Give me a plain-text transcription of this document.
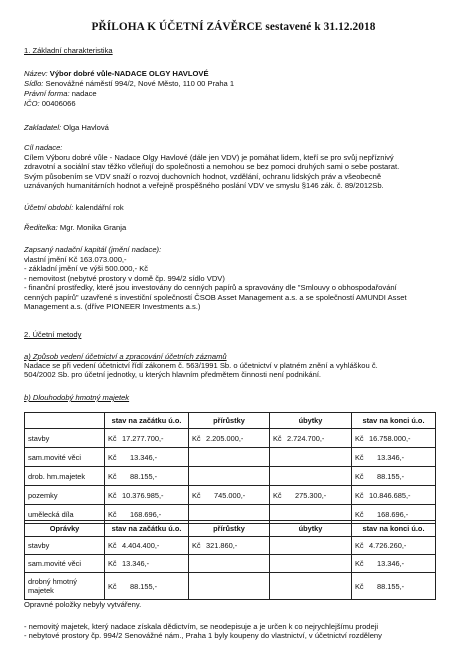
PŘÍLOHA K ÚČETNÍ ZÁVĚRCE sestavené k 31.12.2018
1. Základní charakteristika
Název: Výbor dobré vůle-NADACE OLGY HAVLOVÉ
Sídlo: Senovážné náměstí 994/2, Nové Město, 110 00 Praha 1
Právní forma: nadace
IČO: 00406066
Zakladatel: Olga Havlová
Cíl nadace:
Cílem Výboru dobré vůle - Nadace Olgy Havlové (dále jen VDV) je pomáhat lidem, kteří se pro svůj nepříznivý
zdravotní a sociální stav těžko včleňují do společnosti a nemohou se bez pomoci druhých sami o sebe postarat.
Svým působením se VDV snaží o rozvoj duchovních hodnot, vzdělání, ochranu lidských práv a všeobecně
uznávaných humanitárních hodnot a veřejně prospěšného poslání VDV ve smyslu §146 zák. č. 89/2012Sb.
Účetní období: kalendářní rok
Ředitelka: Mgr. Monika Granja
Zapsaný nadační kapitál (jmění nadace):
vlastní jmění Kč 163.073.000,-
- základní jmění ve výši 500.000,- Kč
- nemovitost (nebytvé prostory v domě čp. 994/2 sídlo VDV)
- finanční prostředky, které jsou investovány do cenných papírů a spravovány dle "Smlouvy o obhospodařování
cenných papírů" uzavřené s investiční společností ČSOB Asset Management a.s. a se společností AMUNDI Asset
Management a.s. (dříve PIONEER Investments a.s.)
2. Účetní metody
a) Způsob vedení účetnictví a zpracování účetních záznamů
Nadace se při vedení účetnictví řídí zákonem č. 563/1991 Sb. o účetnictví v platném znění a vyhláškou č.
504/2002 Sb. pro účetní jednotky, u kterých hlavním předmětem činnosti není podnikání.
b) Dlouhodobý hmotný majetek
	stav na začátku ú.o.	přírůstky	úbytky	stav na konci ú.o.
stavby	Kč 17.277.700,-	Kč 2.205.000,-	Kč 2.724.700,-	Kč 16.758.000,-
sam.movité věci	Kč 13.346,-			Kč 13.346,-
drob. hm.majetek	Kč 88.155,-			Kč 88.155,-
pozemky	Kč 10.376.985,-	Kč 745.000,-	Kč 275.300,-	Kč 10.846.685,-
umělecká díla	Kč 168.696,-			Kč 168.696,-
Oprávky	stav na začátku ú.o.	přírůstky	úbytky	stav na konci ú.o.
stavby	Kč 4.404.400,-	Kč 321.860,-		Kč 4.726.260,-
sam.movité věci	Kč 13.346,-			Kč 13.346,-
drobný hmotný majetek	Kč 88.155,-			Kč 88.155,-
Opravné položky nebyly vytvářeny.
- nemovitý majetek, který nadace získala dědictvím, se neodepisuje a je určen k co nejrychlejšímu prodeji
- nebytové prostory čp. 994/2 Senovážné nám., Praha 1 byly koupeny do vlastnictví, v účetnictví rozděleny
